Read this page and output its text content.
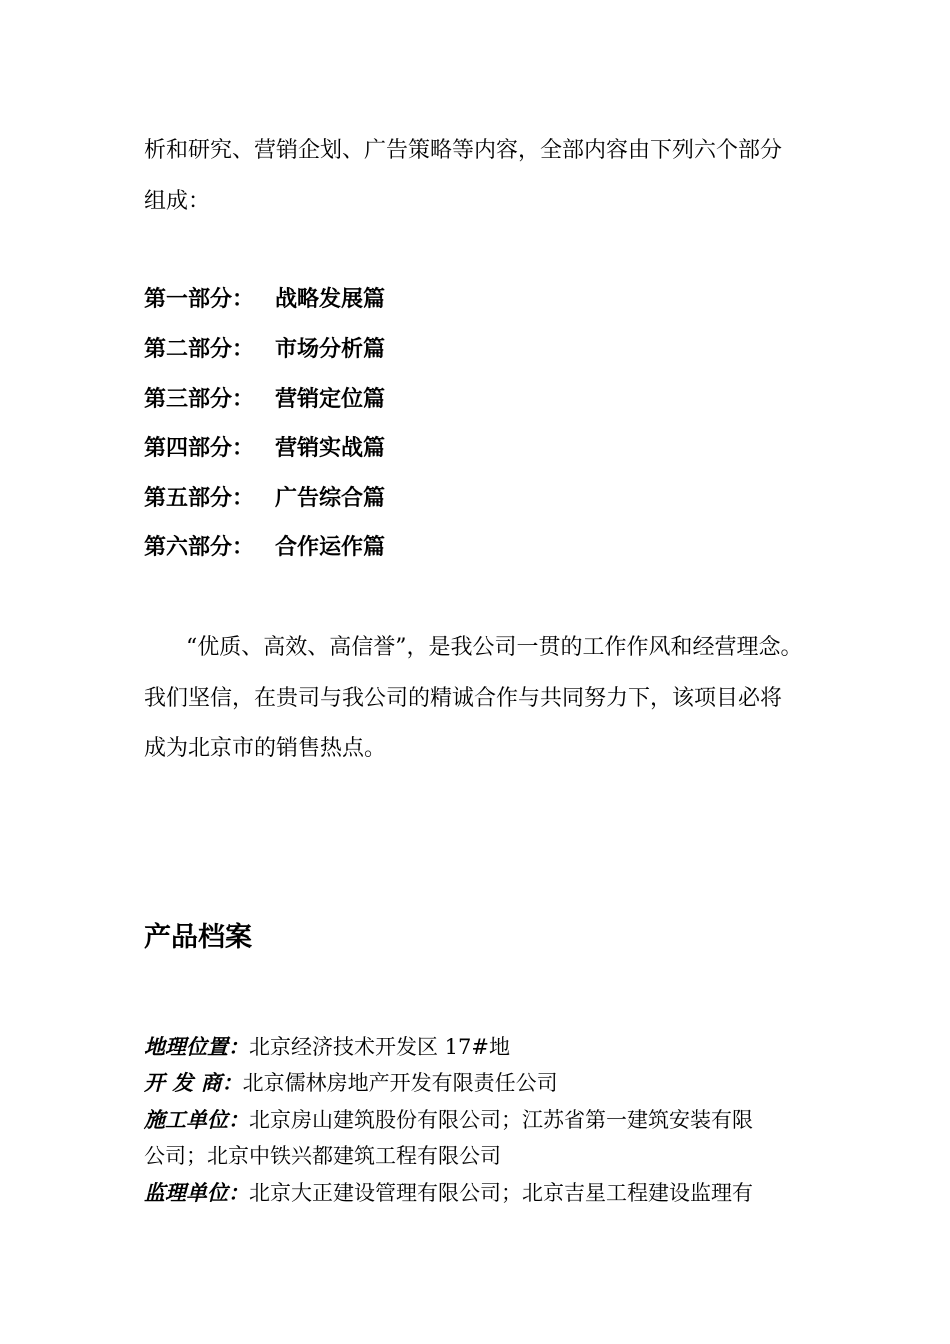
析和研究、营销企划、广告策略等内容，全部内容由下列六个部分
组成：
第一部分： 战略发展篇
第二部分： 市场分析篇
第三部分： 营销定位篇
第四部分： 营销实战篇
第五部分： 广告综合篇
第六部分： 合作运作篇
“优质、高效、高信誉”，是我公司一贯的工作作风和经营理念。
我们坚信，在贵司与我公司的精诚合作与共同努力下，该项目必将
成为北京市的销售热点。
产品档案
地理位置：北京经济技术开发区 17#地
开 发 商：北京儒林房地产开发有限责任公司
施工单位：北京房山建筑股份有限公司；江苏省第一建筑安装有限
公司；北京中铁兴都建筑工程有限公司
监理单位：北京大正建设管理有限公司；北京吉星工程建设监理有
